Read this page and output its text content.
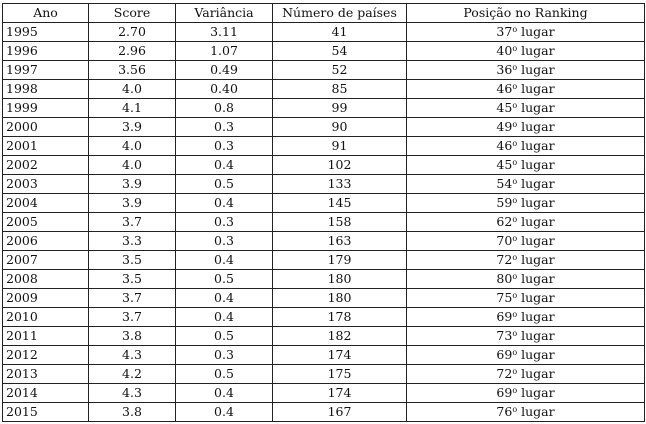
Ano	Score	Variância	Número de países	Posição no Ranking
1995	2.70	3.11	41	37$^o$ lugar
1996	2.96	1.07	54	40$^o$ lugar
1997	3.56	0.49	52	36$^o$ lugar
1998	4.0	0.40	85	46$^o$ lugar
1999	4.1	0.8	99	45$^o$ lugar
2000	3.9	0.3	90	49$^o$ lugar
2001	4.0	0.3	91	46$^o$ lugar
2002	4.0	0.4	102	45$^o$ lugar
2003	3.9	0.5	133	54$^o$ lugar
2004	3.9	0.4	145	59$^o$ lugar
2005	3.7	0.3	158	62$^o$ lugar
2006	3.3	0.3	163	70$^o$ lugar
2007	3.5	0.4	179	72$^o$ lugar
2008	3.5	0.5	180	80$^o$ lugar
2009	3.7	0.4	180	75$^o$ lugar
2010	3.7	0.4	178	69$^o$ lugar
2011	3.8	0.5	182	73$^o$ lugar
2012	4.3	0.3	174	69$^o$ lugar
2013	4.2	0.5	175	72$^o$ lugar
2014	4.3	0.4	174	69$^o$ lugar
2015	3.8	0.4	167	76$^o$ lugar
